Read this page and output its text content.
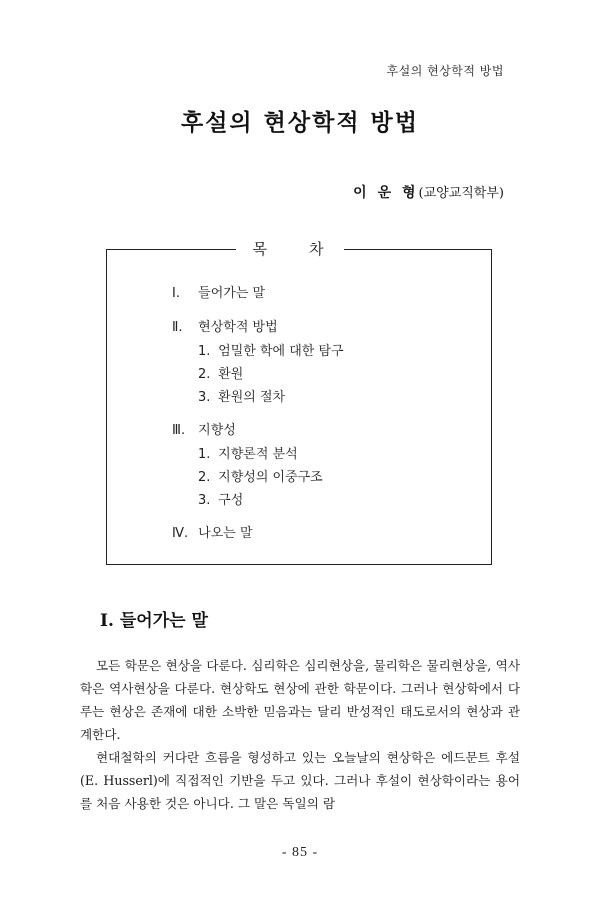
후설의 현상학적 방법
후설의 현상학적 방법
이 운 형(교양교직학부)
목	차
Ⅰ. 들어가는 말
Ⅱ. 현상학적 방법
1. 엄밀한 학에 대한 탐구
2. 환원
3. 환원의 절차
Ⅲ. 지향성
1. 지향론적 분석
2. 지향성의 이중구조
3. 구성
Ⅳ. 나오는 말
Ⅰ. 들어가는 말

모든 학문은 현상을 다룬다. 심리학은 심리현상을, 물리학은 물리현상을, 역사학은 역사현상을 다룬다. 현상학도 현상에 관한 학문이다. 그러나 현상학에서 다루는 현상은 존재에 대한 소박한 믿음과는 달리 반성적인 태도로서의 현상과 관계한다.

현대철학의 커다란 흐름을 형성하고 있는 오늘날의 현상학은 에드문트 후설(E. Husserl)에 직접적인 기반을 두고 있다. 그러나 후설이 현상학이라는 용어를 처음 사용한 것은 아니다. 그 말은 독일의 람

- 85 -
